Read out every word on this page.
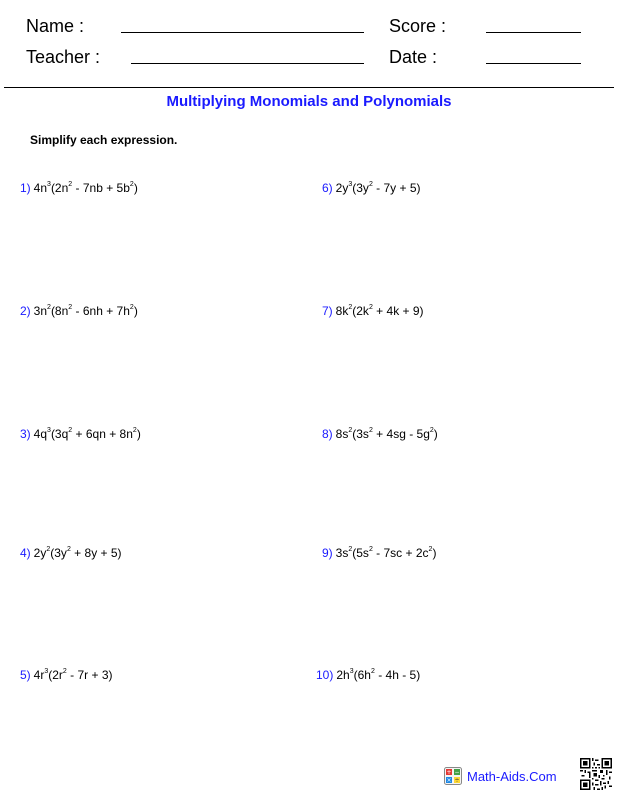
Name :
Teacher :
Score :
Date :
Multiplying Monomials and Polynomials
Simplify each expression.
1) $4n^3(2n^2 - 7nb + 5b^2)$
2) $3n^2(8n^2 - 6nh + 7h^2)$
3) $4q^3(3q^2 + 6qn + 8n^2)$
4) $2y^2(3y^2 + 8y + 5)$
5) $4r^3(2r^2 - 7r + 3)$
6) $2y^3(3y^2 - 7y + 5)$
7) $8k^2(2k^2 + 4k + 9)$
8) $8s^2(3s^2 + 4sg - 5g^2)$
9) $3s^2(5s^2 - 7sc + 2c^2)$
10) $2h^3(6h^2 - 4h - 5)$
+ −
× ÷ Math-Aids.Com
